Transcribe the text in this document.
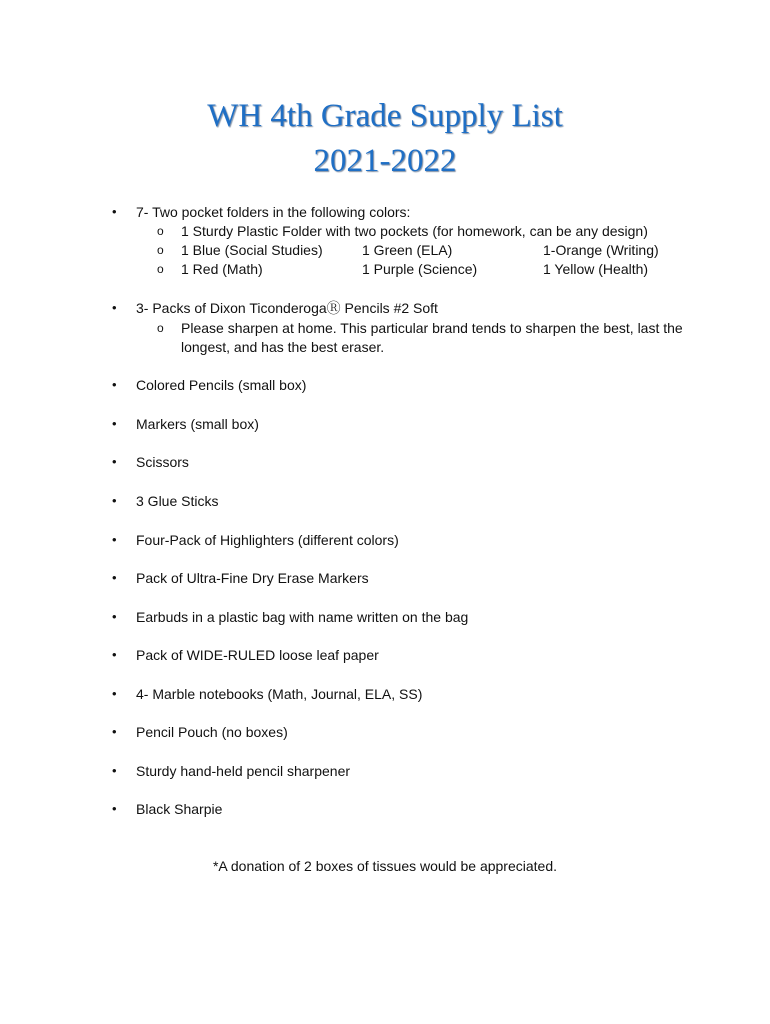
WH 4th Grade Supply List
2021-2022
• 7- Two pocket folders in the following colors:
o 1 Sturdy Plastic Folder with two pockets (for homework, can be any design)
o 1 Blue (Social Studies)	1 Green (ELA)	1-Orange (Writing)
o 1 Red (Math)	1 Purple (Science)	1 Yellow (Health)
• 3- Packs of Dixon TiconderogaⓇ Pencils #2 Soft
o Please sharpen at home. This particular brand tends to sharpen the best, last the
longest, and has the best eraser.
• Colored Pencils (small box)
• Markers (small box)
• Scissors
• 3 Glue Sticks
• Four-Pack of Highlighters (different colors)
• Pack of Ultra-Fine Dry Erase Markers
• Earbuds in a plastic bag with name written on the bag
• Pack of WIDE-RULED loose leaf paper
• 4- Marble notebooks (Math, Journal, ELA, SS)
• Pencil Pouch (no boxes)
• Sturdy hand-held pencil sharpener
• Black Sharpie
*A donation of 2 boxes of tissues would be appreciated.
